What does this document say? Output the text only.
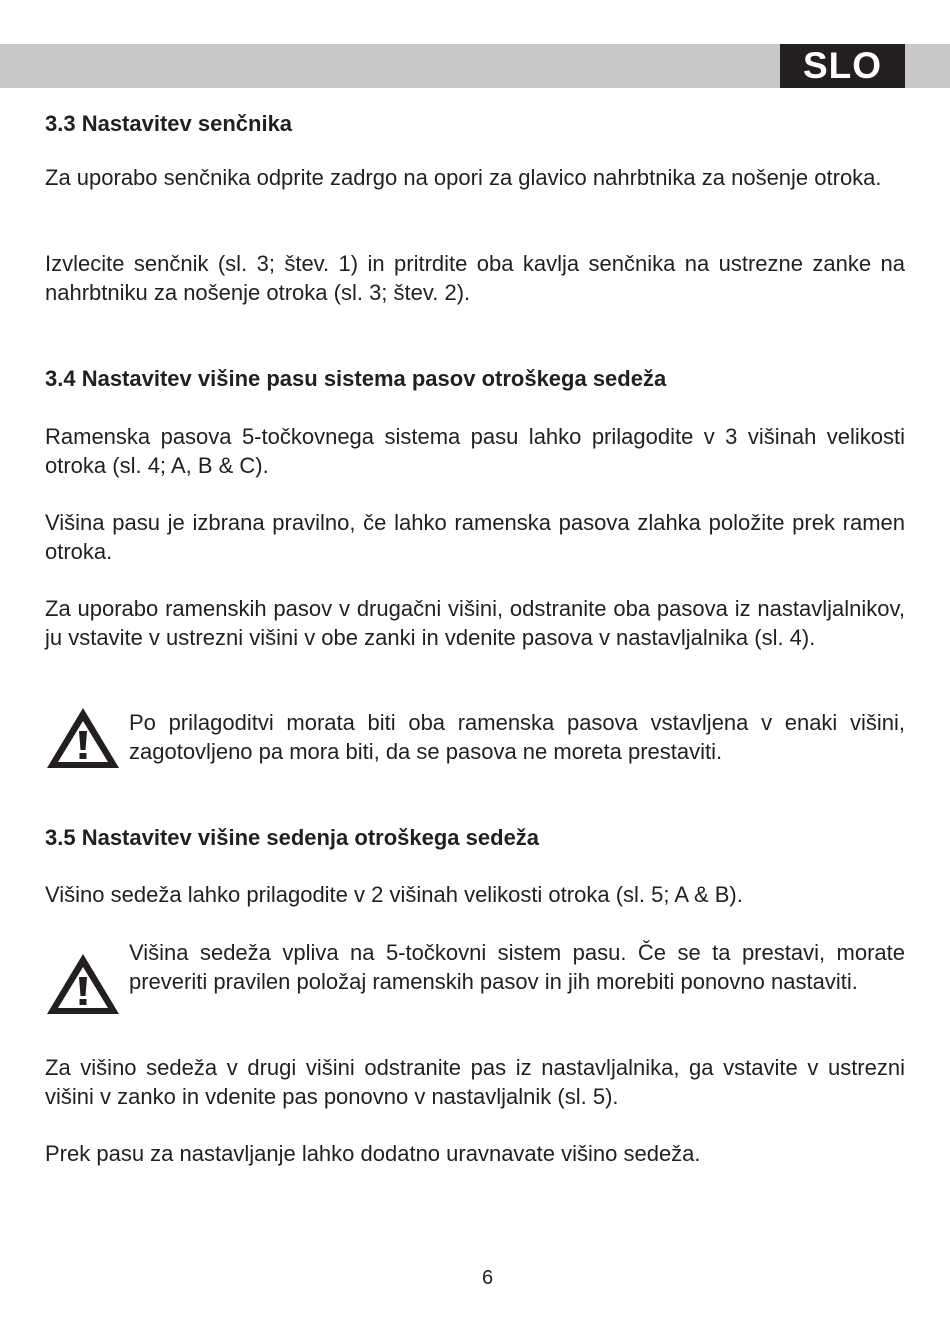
SLO
3.3 Nastavitev senčnika

Za uporabo senčnika odprite zadrgo na opori za glavico nahrbtnika za nošenje otroka.

Izvlecite senčnik (sl. 3; štev. 1) in pritrdite oba kavlja senčnika na ustrezne zanke na nahrbtniku za nošenje otroka (sl. 3; štev. 2).

3.4 Nastavitev višine pasu sistema pasov otroškega sedeža

Ramenska pasova 5-točkovnega sistema pasu lahko prilagodite v 3 višinah velikosti otroka (sl. 4; A, B & C).

Višina pasu je izbrana pravilno, če lahko ramenska pasova zlahka položite prek ramen otroka.

Za uporabo ramenskih pasov v drugačni višini, odstranite oba pasova iz nastavljalnikov, ju vstavite v ustrezni višini v obe zanki in vdenite pasova v nastavljalnika (sl. 4).

Po prilagoditvi morata biti oba ramenska pasova vstavljena v enaki višini, zagotovljeno pa mora biti, da se pasova ne moreta prestaviti.

3.5 Nastavitev višine sedenja otroškega sedeža

Višino sedeža lahko prilagodite v 2 višinah velikosti otroka (sl. 5; A & B).

Višina sedeža vpliva na 5-točkovni sistem pasu. Če se ta prestavi, morate preveriti pravilen položaj ramenskih pasov in jih morebiti ponovno nastaviti.

Za višino sedeža v drugi višini odstranite pas iz nastavljalnika, ga vstavite v ustrezni višini v zanko in vdenite pas ponovno v nastavljalnik (sl. 5).

Prek pasu za nastavljanje lahko dodatno uravnavate višino sedeža.

6
